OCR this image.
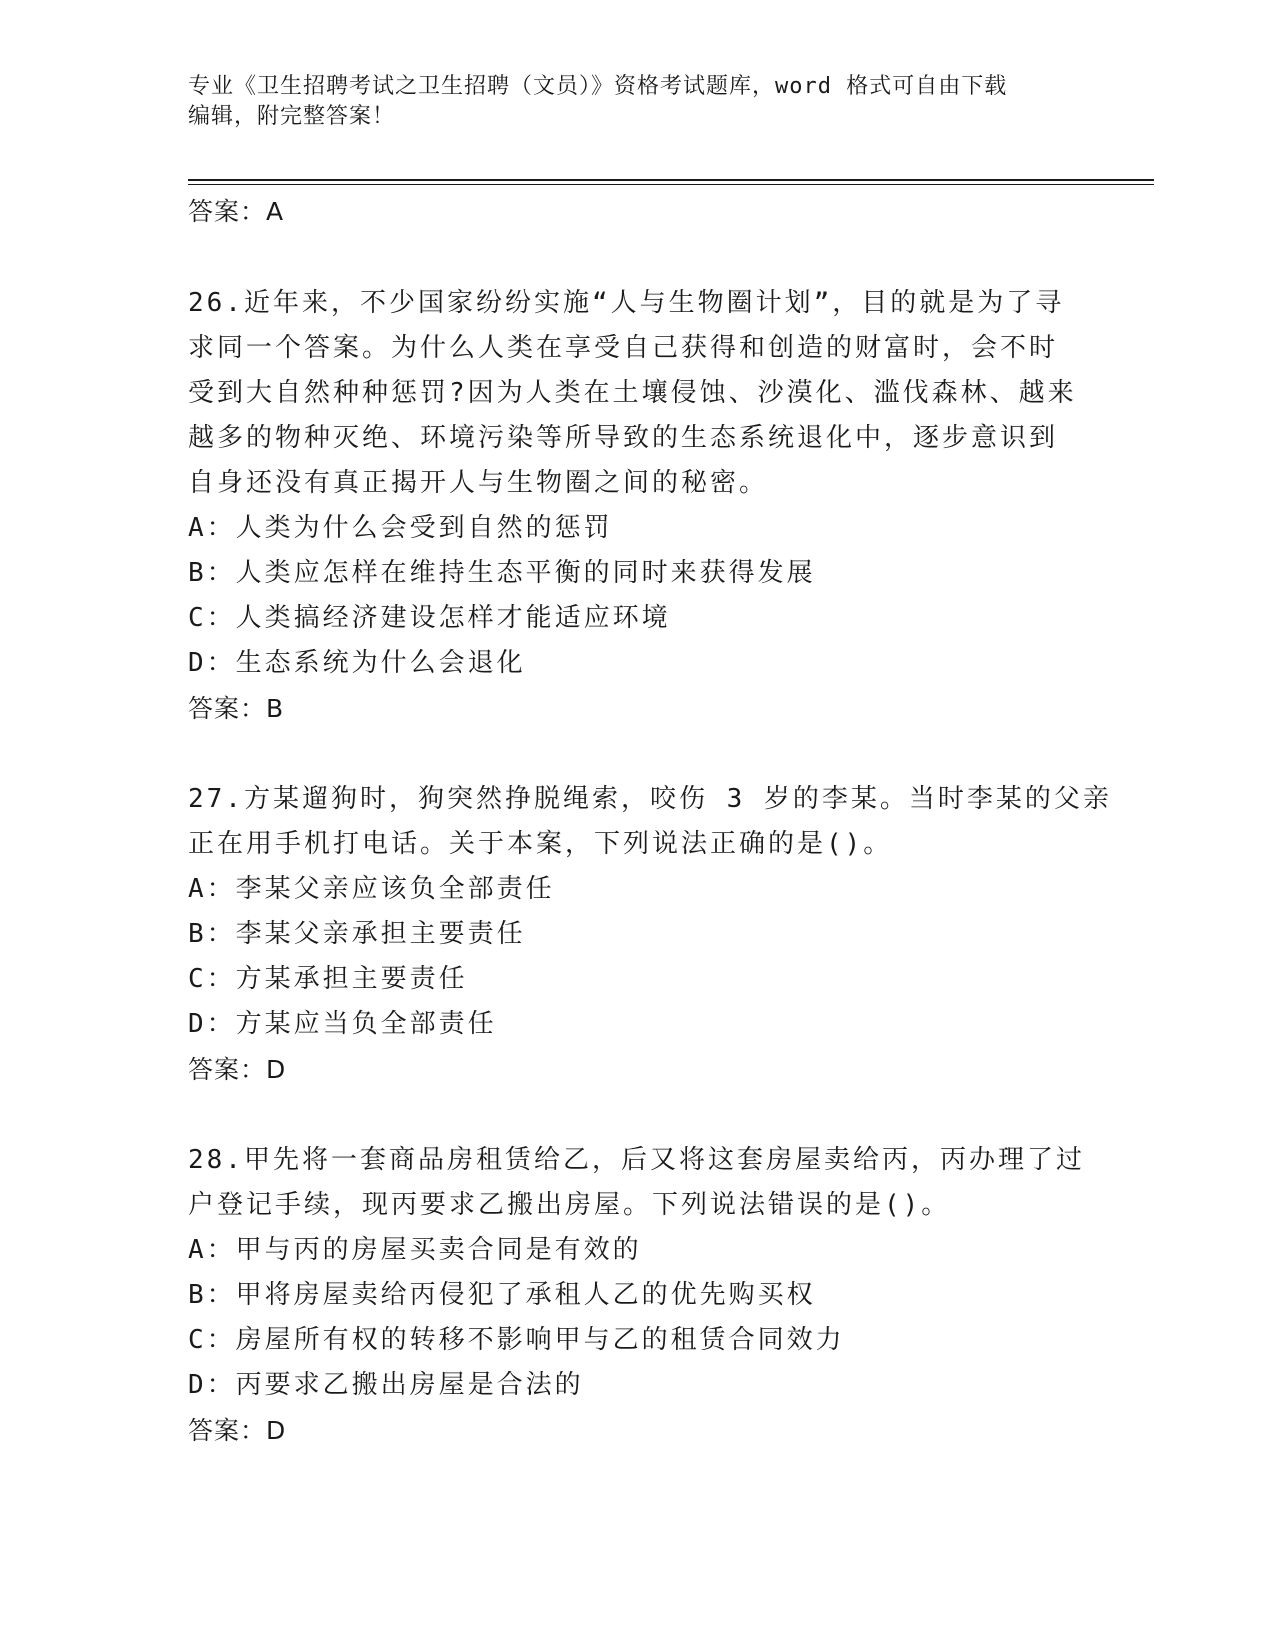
专业《卫生招聘考试之卫生招聘（文员）》资格考试题库，word 格式可自由下载
编辑，附完整答案！
答案：A
26.近年来，不少国家纷纷实施“人与生物圈计划”，目的就是为了寻
求同一个答案。为什么人类在享受自己获得和创造的财富时，会不时
受到大自然种种惩罚?因为人类在土壤侵蚀、沙漠化、滥伐森林、越来
越多的物种灭绝、环境污染等所导致的生态系统退化中，逐步意识到
自身还没有真正揭开人与生物圈之间的秘密。
A：人类为什么会受到自然的惩罚
B：人类应怎样在维持生态平衡的同时来获得发展
C：人类搞经济建设怎样才能适应环境
D：生态系统为什么会退化
答案：B
27.方某遛狗时，狗突然挣脱绳索，咬伤 3 岁的李某。当时李某的父亲
正在用手机打电话。关于本案，下列说法正确的是()。
A：李某父亲应该负全部责任
B：李某父亲承担主要责任
C：方某承担主要责任
D：方某应当负全部责任
答案：D
28.甲先将一套商品房租赁给乙，后又将这套房屋卖给丙，丙办理了过
户登记手续，现丙要求乙搬出房屋。下列说法错误的是()。
A：甲与丙的房屋买卖合同是有效的
B：甲将房屋卖给丙侵犯了承租人乙的优先购买权
C：房屋所有权的转移不影响甲与乙的租赁合同效力
D：丙要求乙搬出房屋是合法的
答案：D
